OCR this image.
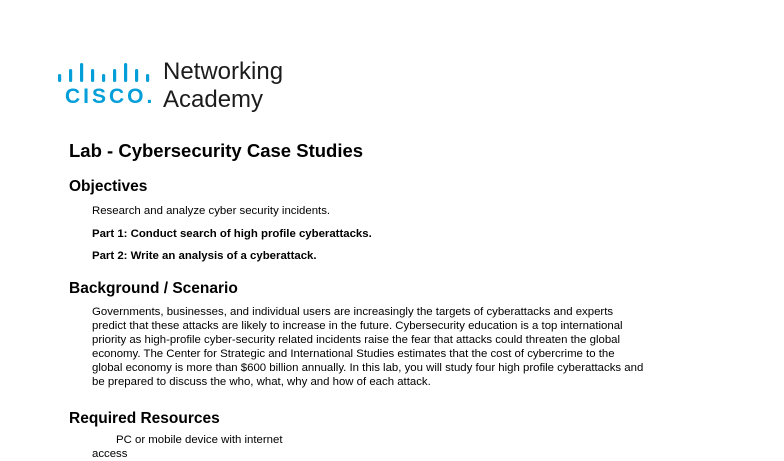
CISCO.
Networking
Academy
Lab - Cybersecurity Case Studies
Objectives
Research and analyze cyber security incidents.
Part 1: Conduct search of high profile cyberattacks.
Part 2: Write an analysis of a cyberattack.
Background / Scenario
Governments, businesses, and individual users are increasingly the targets of cyberattacks and experts
predict that these attacks are likely to increase in the future. Cybersecurity education is a top international
priority as high-profile cyber-security related incidents raise the fear that attacks could threaten the global
economy. The Center for Strategic and International Studies estimates that the cost of cybercrime to the
global economy is more than $600 billion annually. In this lab, you will study four high profile cyberattacks and
be prepared to discuss the who, what, why and how of each attack.
Required Resources
PC or mobile device with internet access
